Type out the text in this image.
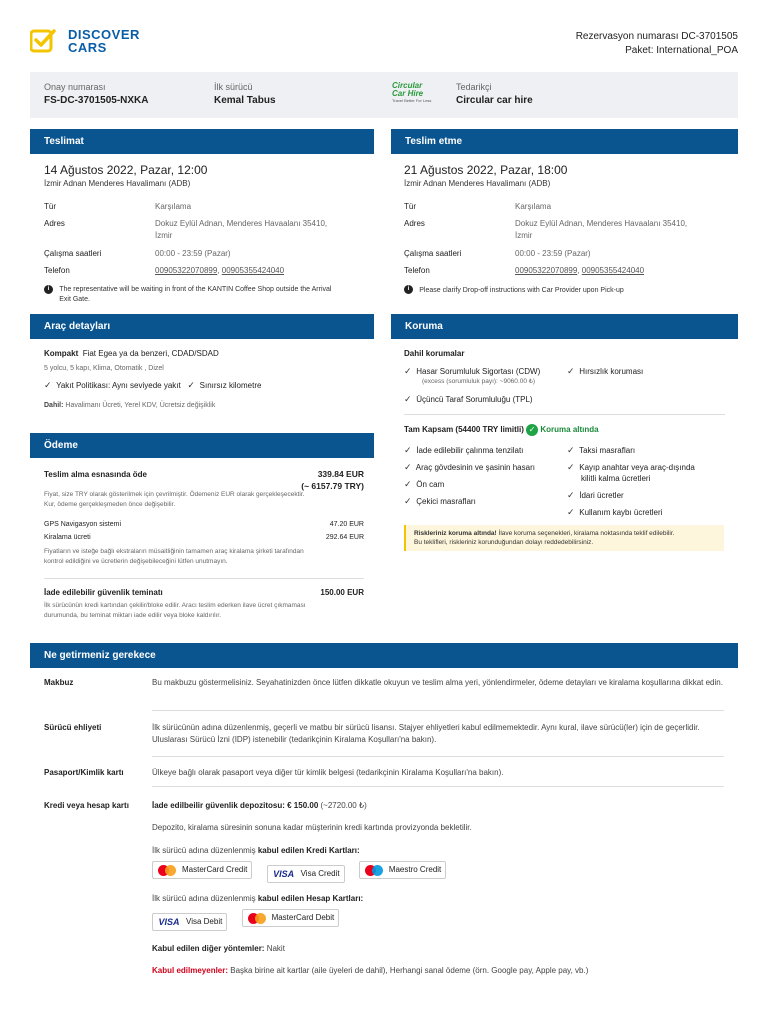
DISCOVER
CARS
Rezervasyon numarası DC-3701505
Paket: International_POA
Onay numarası
FS-DC-3701505-NXKA
İlk sürücü
Kemal Tabus
Circular
Car Hire
Travel Better For Less
Tedarikçi
Circular car hire
Teslimat
14 Ağustos 2022, Pazar, 12:00
İzmir Adnan Menderes Havalimanı (ADB)
Tür	Karşılama
Adres	Dokuz Eylül Adnan, Menderes Havaalanı 35410,
İzmir
Çalışma saatleri	00:00 - 23:59 (Pazar)
Telefon	00905322070899, 00905355424040
i The representative will be waiting in front of the KANTIN Coffee Shop outside the Arrival
Exit Gate.
Teslim etme
21 Ağustos 2022, Pazar, 18:00
İzmir Adnan Menderes Havalimanı (ADB)
Tür	Karşılama
Adres	Dokuz Eylül Adnan, Menderes Havaalanı 35410,
İzmir
Çalışma saatleri	00:00 - 23:59 (Pazar)
Telefon	00905322070899, 00905355424040
i Please clarify Drop-off instructions with Car Provider upon Pick-up
Araç detayları
Kompakt Fiat Egea ya da benzeri, CDAD/SDAD
5 yolcu, 5 kapı, Klima, Otomatik , Dizel
✓ Yakıt Politikası: Aynı seviyede yakıt ✓ Sınırsız kilometre
Dahil: Havalimanı Ücreti, Yerel KDV, Ücretsiz değişiklik
Koruma
Dahil korumalar
✓ Hasar Sorumluluk Sigortası (CDW)
(excess (sorumluluk payı): ~9060.00 ₺)
✓ Hırsızlık koruması
✓ Üçüncü Taraf Sorumluluğu (TPL)
Tam Kapsam (54400 TRY limitli) ✓ Koruma altında
✓ İade edilebilir çalınma tenzilatı
✓ Araç gövdesinin ve şasinin hasarı
✓ Ön cam
✓ Çekici masrafları
✓ Taksi masrafları
✓ Kayıp anahtar veya araç-dışında
kilitli kalma ücretleri
✓ İdari ücretler
✓ Kullanım kaybı ücretleri
Riskleriniz koruma altında! İlave koruma seçenekleri, kiralama noktasında teklif edilebilir.
Bu teklifleri, riskleriniz korunduğundan dolayı reddedebilirsiniz.
Ödeme
Teslim alma esnasında öde	339.84 EUR
(~ 6157.79 TRY)
Fiyat, size TRY olarak gösterilmek için çevrilmiştir. Ödemeniz EUR olarak gerçekleşecektir.
Kur, ödeme gerçekleşmeden önce değişebilir.
GPS Navigasyon sistemi	47.20 EUR
Kiralama ücreti	292.64 EUR
Fiyatların ve isteğe bağlı ekstraların müsaitliğinin tamamen araç kiralama şirketi tarafından
kontrol edildiğini ve ücretlerin değişebileceğini lütfen unutmayın.
İade edilebilir güvenlik teminatı	150.00 EUR
İlk sürücünün kredi kartından çekilir/bloke edilir. Aracı teslim ederken ilave ücret çıkmaması
durumunda, bu teminat miktarı iade edilir veya bloke kaldırılır.
Ne getirmeniz gerekece
Makbuz	Bu makbuzu göstermelisiniz. Seyahatinizden önce lütfen dikkatle okuyun ve teslim alma yeri, yönlendirmeler, ödeme detayları ve kiralama koşullarına dikkat edin.
Sürücü ehliyeti	İlk sürücünün adına düzenlenmiş, geçerli ve matbu bir sürücü lisansı. Stajyer ehliyetleri kabul edilmemektedir. Aynı kural, ilave sürücü(ler) için de geçerlidir. Uluslarası Sürücü İzni (IDP) istenebilir (tedarikçinin Kiralama Koşulları'na bakın).
Pasaport/Kimlik kartı	Ülkeye bağlı olarak pasaport veya diğer tür kimlik belgesi (tedarikçinin Kiralama Koşulları'na bakın).
Kredi veya hesap kartı	İade edilbeilir güvenlik depozitosu: € 150.00 (~2720.00 ₺)
Depozito, kiralama süresinin sonuna kadar müşterinin kredi kartında provizyonda bekletilir.
İlk sürücü adına düzenlenmiş kabul edilen Kredi Kartları:
MasterCard Credit
	VISA Visa Credit
	Maestro Credit
İlk sürücü adına düzenlenmiş kabul edilen Hesap Kartları:
VISA Visa Debit
	MasterCard Debit
Kabul edilen diğer yöntemler: Nakit
Kabul edilmeyenler: Başka birine ait kartlar (aile üyeleri de dahil), Herhangi sanal ödeme (örn. Google pay, Apple pay, vb.)
